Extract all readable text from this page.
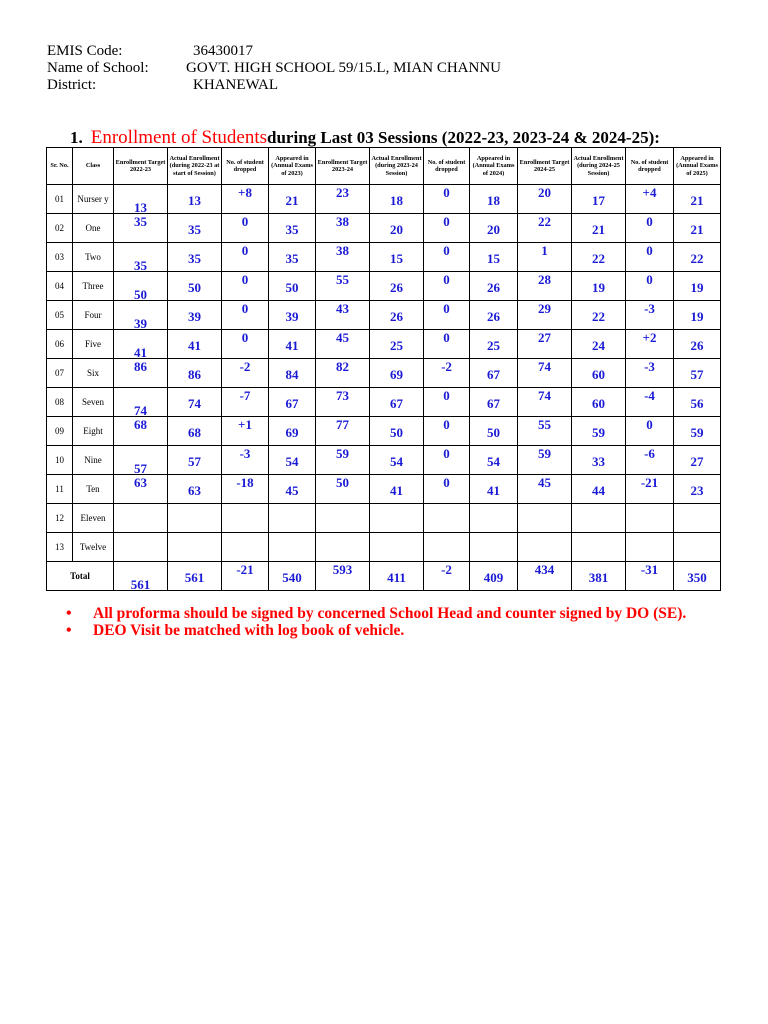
EMIS Code:	36430017
Name of School:	GOVT. HIGH SCHOOL 59/15.L, MIAN CHANNU
District:	KHANEWAL
1. Enrollment of Studentsduring Last 03 Sessions (2022-23, 2023-24 & 2024-25):
Sr. No.	Class	Enrollment Target 2022-23	Actual Enrollment (during 2022-23 at start of Session)	No. of student dropped	Appeared in (Annual Exams of 2023)	Enrollment Target 2023-24	Actual Enrollment (during 2023-24 Session)	No. of student dropped	Appeared in (Annual Exams of 2024)	Enrollment Target 2024-25	Actual Enrollment (during 2024-25 Session)	No. of student dropped	Appeared in (Annual Exams of 2025)
01	Nurser y	13	13	+8	21	23	18	0	18	20	17	+4	21

02	One	35	35	0	35	38	20	0	20	22	21	0	21

03	Two	35	35	0	35	38	15	0	15	1	22	0	22

04	Three	50	50	0	50	55	26	0	26	28	19	0	19

05	Four	39	39	0	39	43	26	0	26	29	22	-3	19

06	Five	41	41	0	41	45	25	0	25	27	24	+2	26

07	Six	86	86	-2	84	82	69	-2	67	74	60	-3	57

08	Seven	74	74	-7	67	73	67	0	67	74	60	-4	56

09	Eight	68	68	+1	69	77	50	0	50	55	59	0	59

10	Nine	57	57	-3	54	59	54	0	54	59	33	-6	27

11	Ten	63	63	-18	45	50	41	0	41	45	44	-21	23

12	Eleven	

13	Twelve	

Total		561	561	-21	540	593	411	-2	409	434	381	-31	350
• All proforma should be signed by concerned School Head and counter signed by DO (SE).
• DEO Visit be matched with log book of vehicle.
